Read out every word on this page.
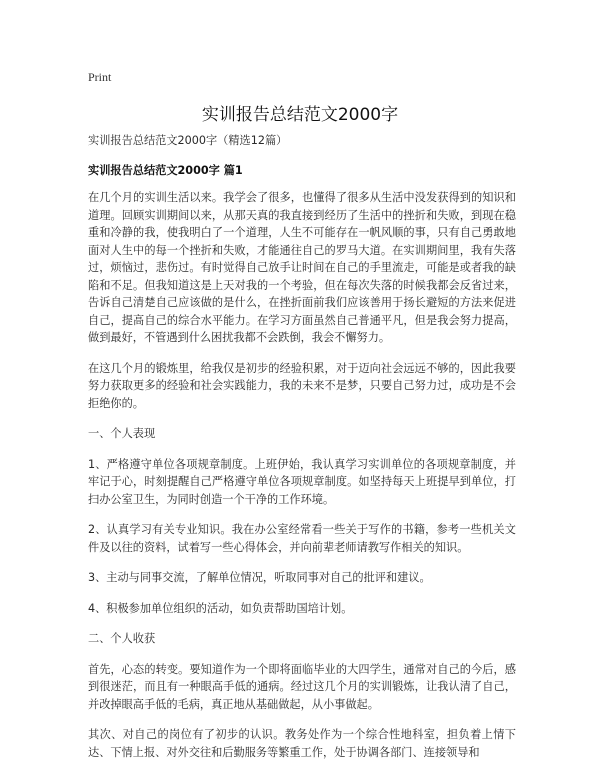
Print
实训报告总结范文2000字

实训报告总结范文2000字（精选12篇）

实训报告总结范文2000字 篇1

在几个月的实训生活以来。我学会了很多，也懂得了很多从生活中没发获得到的知识和道理。回顾实训期间以来，从那天真的我直接到经历了生活中的挫折和失败，到现在稳重和冷静的我，使我明白了一个道理，人生不可能存在一帆风顺的事，只有自己勇敢地面对人生中的每一个挫折和失败，才能通往自己的罗马大道。在实训期间里，我有失落过，烦恼过，悲伤过。有时觉得自己放手让时间在自己的手里流走，可能是或者我的缺陷和不足。但我知道这是上天对我的一个考验，但在每次失落的时候我都会反省过来，告诉自己清楚自己应该做的是什么，在挫折面前我们应该善用于扬长避短的方法来促进自己，提高自己的综合水平能力。在学习方面虽然自己普通平凡，但是我会努力提高，做到最好，不管遇到什么困扰我都不会跌倒，我会不懈努力。

在这几个月的锻炼里，给我仅是初步的经验积累，对于迈向社会远远不够的，因此我要努力获取更多的经验和社会实践能力，我的未来不是梦，只要自己努力过，成功是不会拒绝你的。

一、个人表现

1、严格遵守单位各项规章制度。上班伊始，我认真学习实训单位的各项规章制度，并牢记于心，时刻提醒自己严格遵守单位各项规章制度。如坚持每天上班提早到单位，打扫办公室卫生，为同时创造一个干净的工作环境。

2、认真学习有关专业知识。我在办公室经常看一些关于写作的书籍，参考一些机关文件及以往的资料，试着写一些心得体会，并向前辈老师请教写作相关的知识。

3、主动与同事交流，了解单位情况，听取同事对自己的批评和建议。

4、积极参加单位组织的活动，如负责帮助国培计划。

二、个人收获

首先，心态的转变。要知道作为一个即将面临毕业的大四学生，通常对自己的今后，感到很迷茫，而且有一种眼高手低的通病。经过这几个月的实训锻炼，让我认清了自己，并改掉眼高手低的毛病，真正地从基础做起，从小事做起。

其次、对自己的岗位有了初步的认识。教务处作为一个综合性地科室，担负着上情下达、下情上报、对外交往和后勤服务等繁重工作，处于协调各部门、连接领导和
